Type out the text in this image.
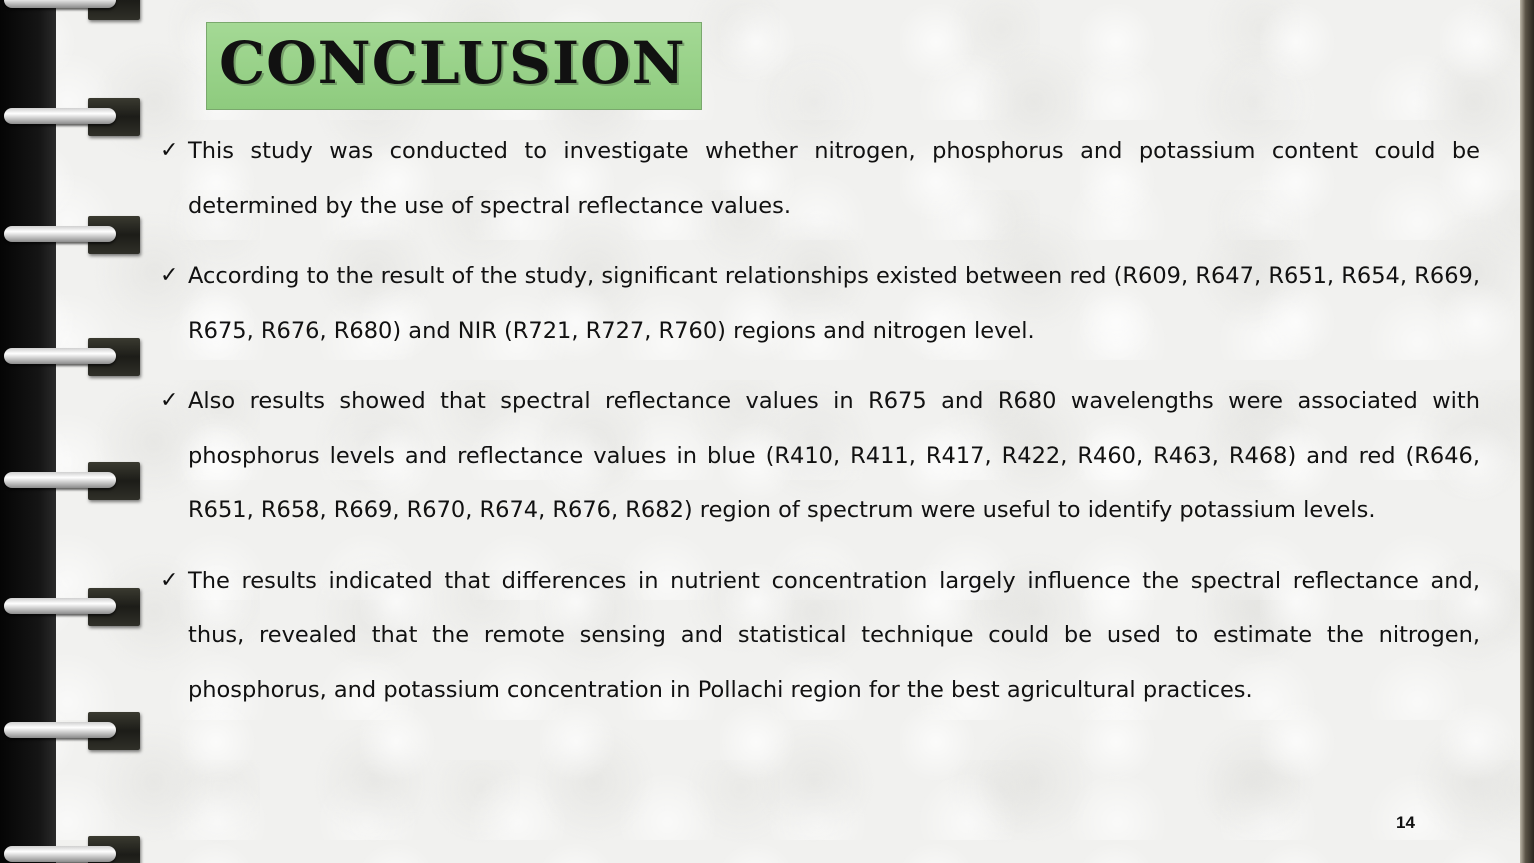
CONCLUSION

✓ This study was conducted to investigate whether nitrogen, phosphorus and potassium content could be determined by the use of spectral reflectance values.

✓ According to the result of the study, significant relationships existed between red (R609, R647, R651, R654, R669, R675, R676, R680) and NIR (R721, R727, R760) regions and nitrogen level.

✓ Also results showed that spectral reflectance values in R675 and R680 wavelengths were associated with phosphorus levels and reflectance values in blue (R410, R411, R417, R422, R460, R463, R468) and red (R646, R651, R658, R669, R670, R674, R676, R682) region of spectrum were useful to identify potassium levels.

✓ The results indicated that differences in nutrient concentration largely influence the spectral reflectance and, thus, revealed that the remote sensing and statistical technique could be used to estimate the nitrogen, phosphorus, and potassium concentration in Pollachi region for the best agricultural practices.

14
